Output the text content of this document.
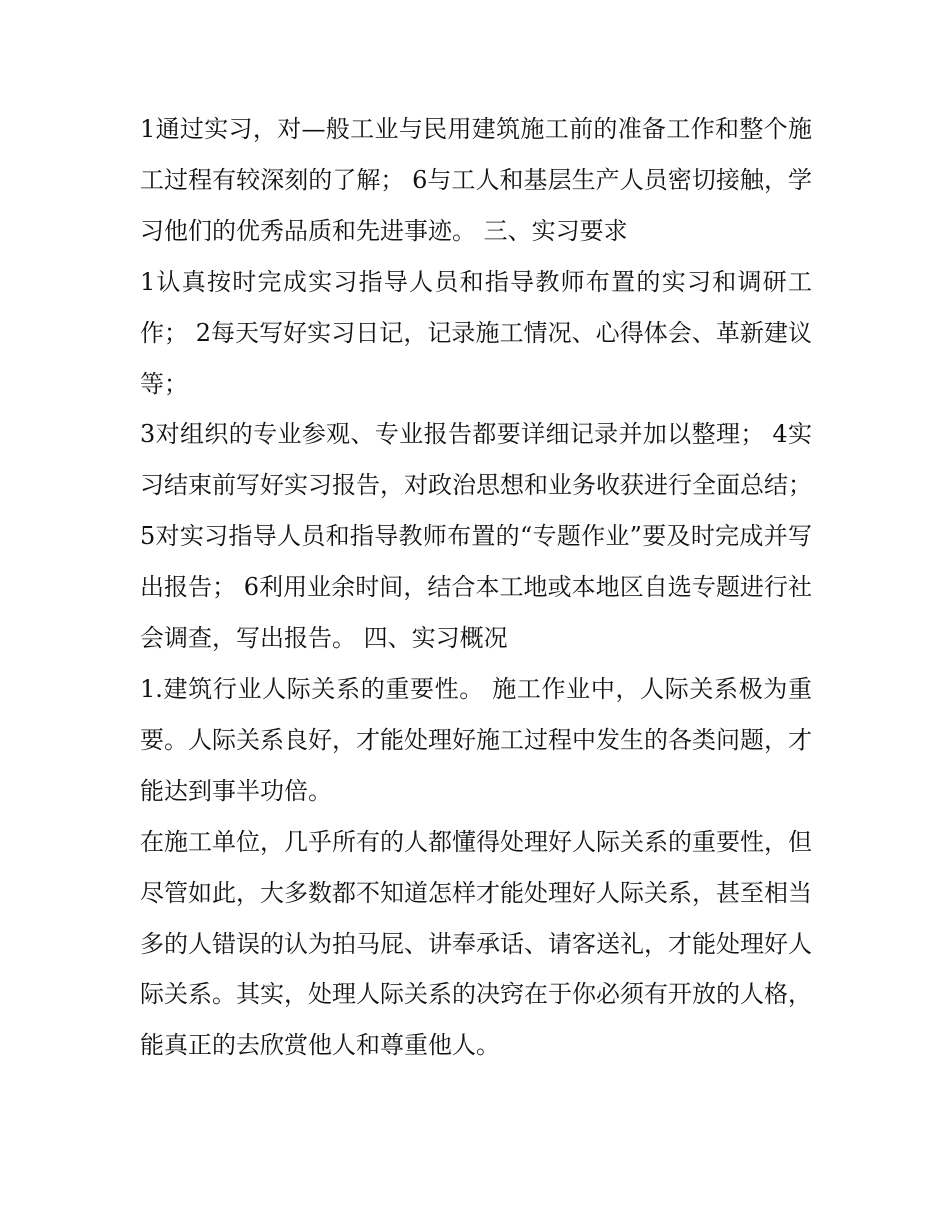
1通过实习，对—般工业与民用建筑施工前的准备工作和整个施工过程有较深刻的了解； 6与工人和基层生产人员密切接触，学习他们的优秀品质和先进事迹。 三、实习要求

1认真按时完成实习指导人员和指导教师布置的实习和调研工作； 2每天写好实习日记，记录施工情况、心得体会、革新建议等；

3对组织的专业参观、专业报告都要详细记录并加以整理； 4实习结束前写好实习报告，对政治思想和业务收获进行全面总结；

5对实习指导人员和指导教师布置的“专题作业”要及时完成并写出报告； 6利用业余时间，结合本工地或本地区自选专题进行社会调查，写出报告。 四、实习概况

1.建筑行业人际关系的重要性。 施工作业中，人际关系极为重要。人际关系良好，才能处理好施工过程中发生的各类问题，才能达到事半功倍。

在施工单位，几乎所有的人都懂得处理好人际关系的重要性，但尽管如此，大多数都不知道怎样才能处理好人际关系，甚至相当多的人错误的认为拍马屁、讲奉承话、请客送礼，才能处理好人际关系。其实，处理人际关系的决窍在于你必须有开放的人格，能真正的去欣赏他人和尊重他人。
